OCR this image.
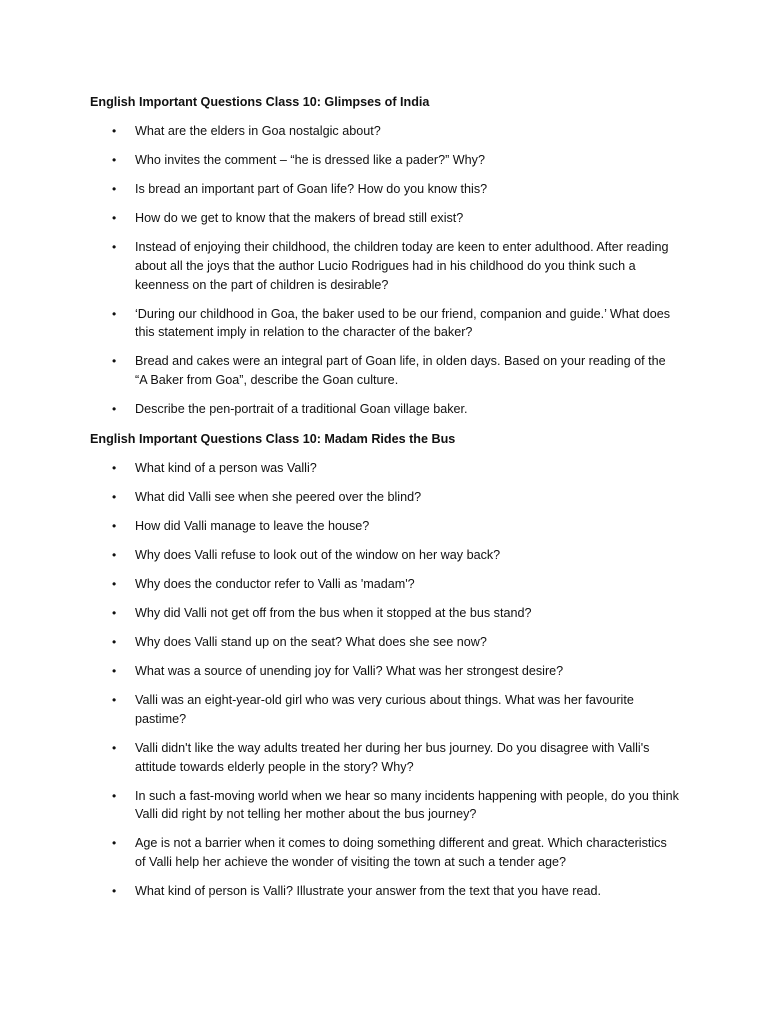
English Important Questions Class 10: Glimpses of India
• What are the elders in Goa nostalgic about?
• Who invites the comment – “he is dressed like a pader?” Why?
• Is bread an important part of Goan life? How do you know this?
• How do we get to know that the makers of bread still exist?
• Instead of enjoying their childhood, the children today are keen to enter adulthood. After reading about all the joys that the author Lucio Rodrigues had in his childhood do you think such a keenness on the part of children is desirable?
• ‘During our childhood in Goa, the baker used to be our friend, companion and guide.’ What does this statement imply in relation to the character of the baker?
• Bread and cakes were an integral part of Goan life, in olden days. Based on your reading of the “A Baker from Goa”, describe the Goan culture.
• Describe the pen-portrait of a traditional Goan village baker.
English Important Questions Class 10: Madam Rides the Bus
• What kind of a person was Valli?
• What did Valli see when she peered over the blind?
• How did Valli manage to leave the house?
• Why does Valli refuse to look out of the window on her way back?
• Why does the conductor refer to Valli as 'madam'?
• Why did Valli not get off from the bus when it stopped at the bus stand?
• Why does Valli stand up on the seat? What does she see now?
• What was a source of unending joy for Valli? What was her strongest desire?
• Valli was an eight-year-old girl who was very curious about things. What was her favourite pastime?
• Valli didn't like the way adults treated her during her bus journey. Do you disagree with Valli's attitude towards elderly people in the story? Why?
• In such a fast-moving world when we hear so many incidents happening with people, do you think Valli did right by not telling her mother about the bus journey?
• Age is not a barrier when it comes to doing something different and great. Which characteristics of Valli help her achieve the wonder of visiting the town at such a tender age?
• What kind of person is Valli? Illustrate your answer from the text that you have read.
